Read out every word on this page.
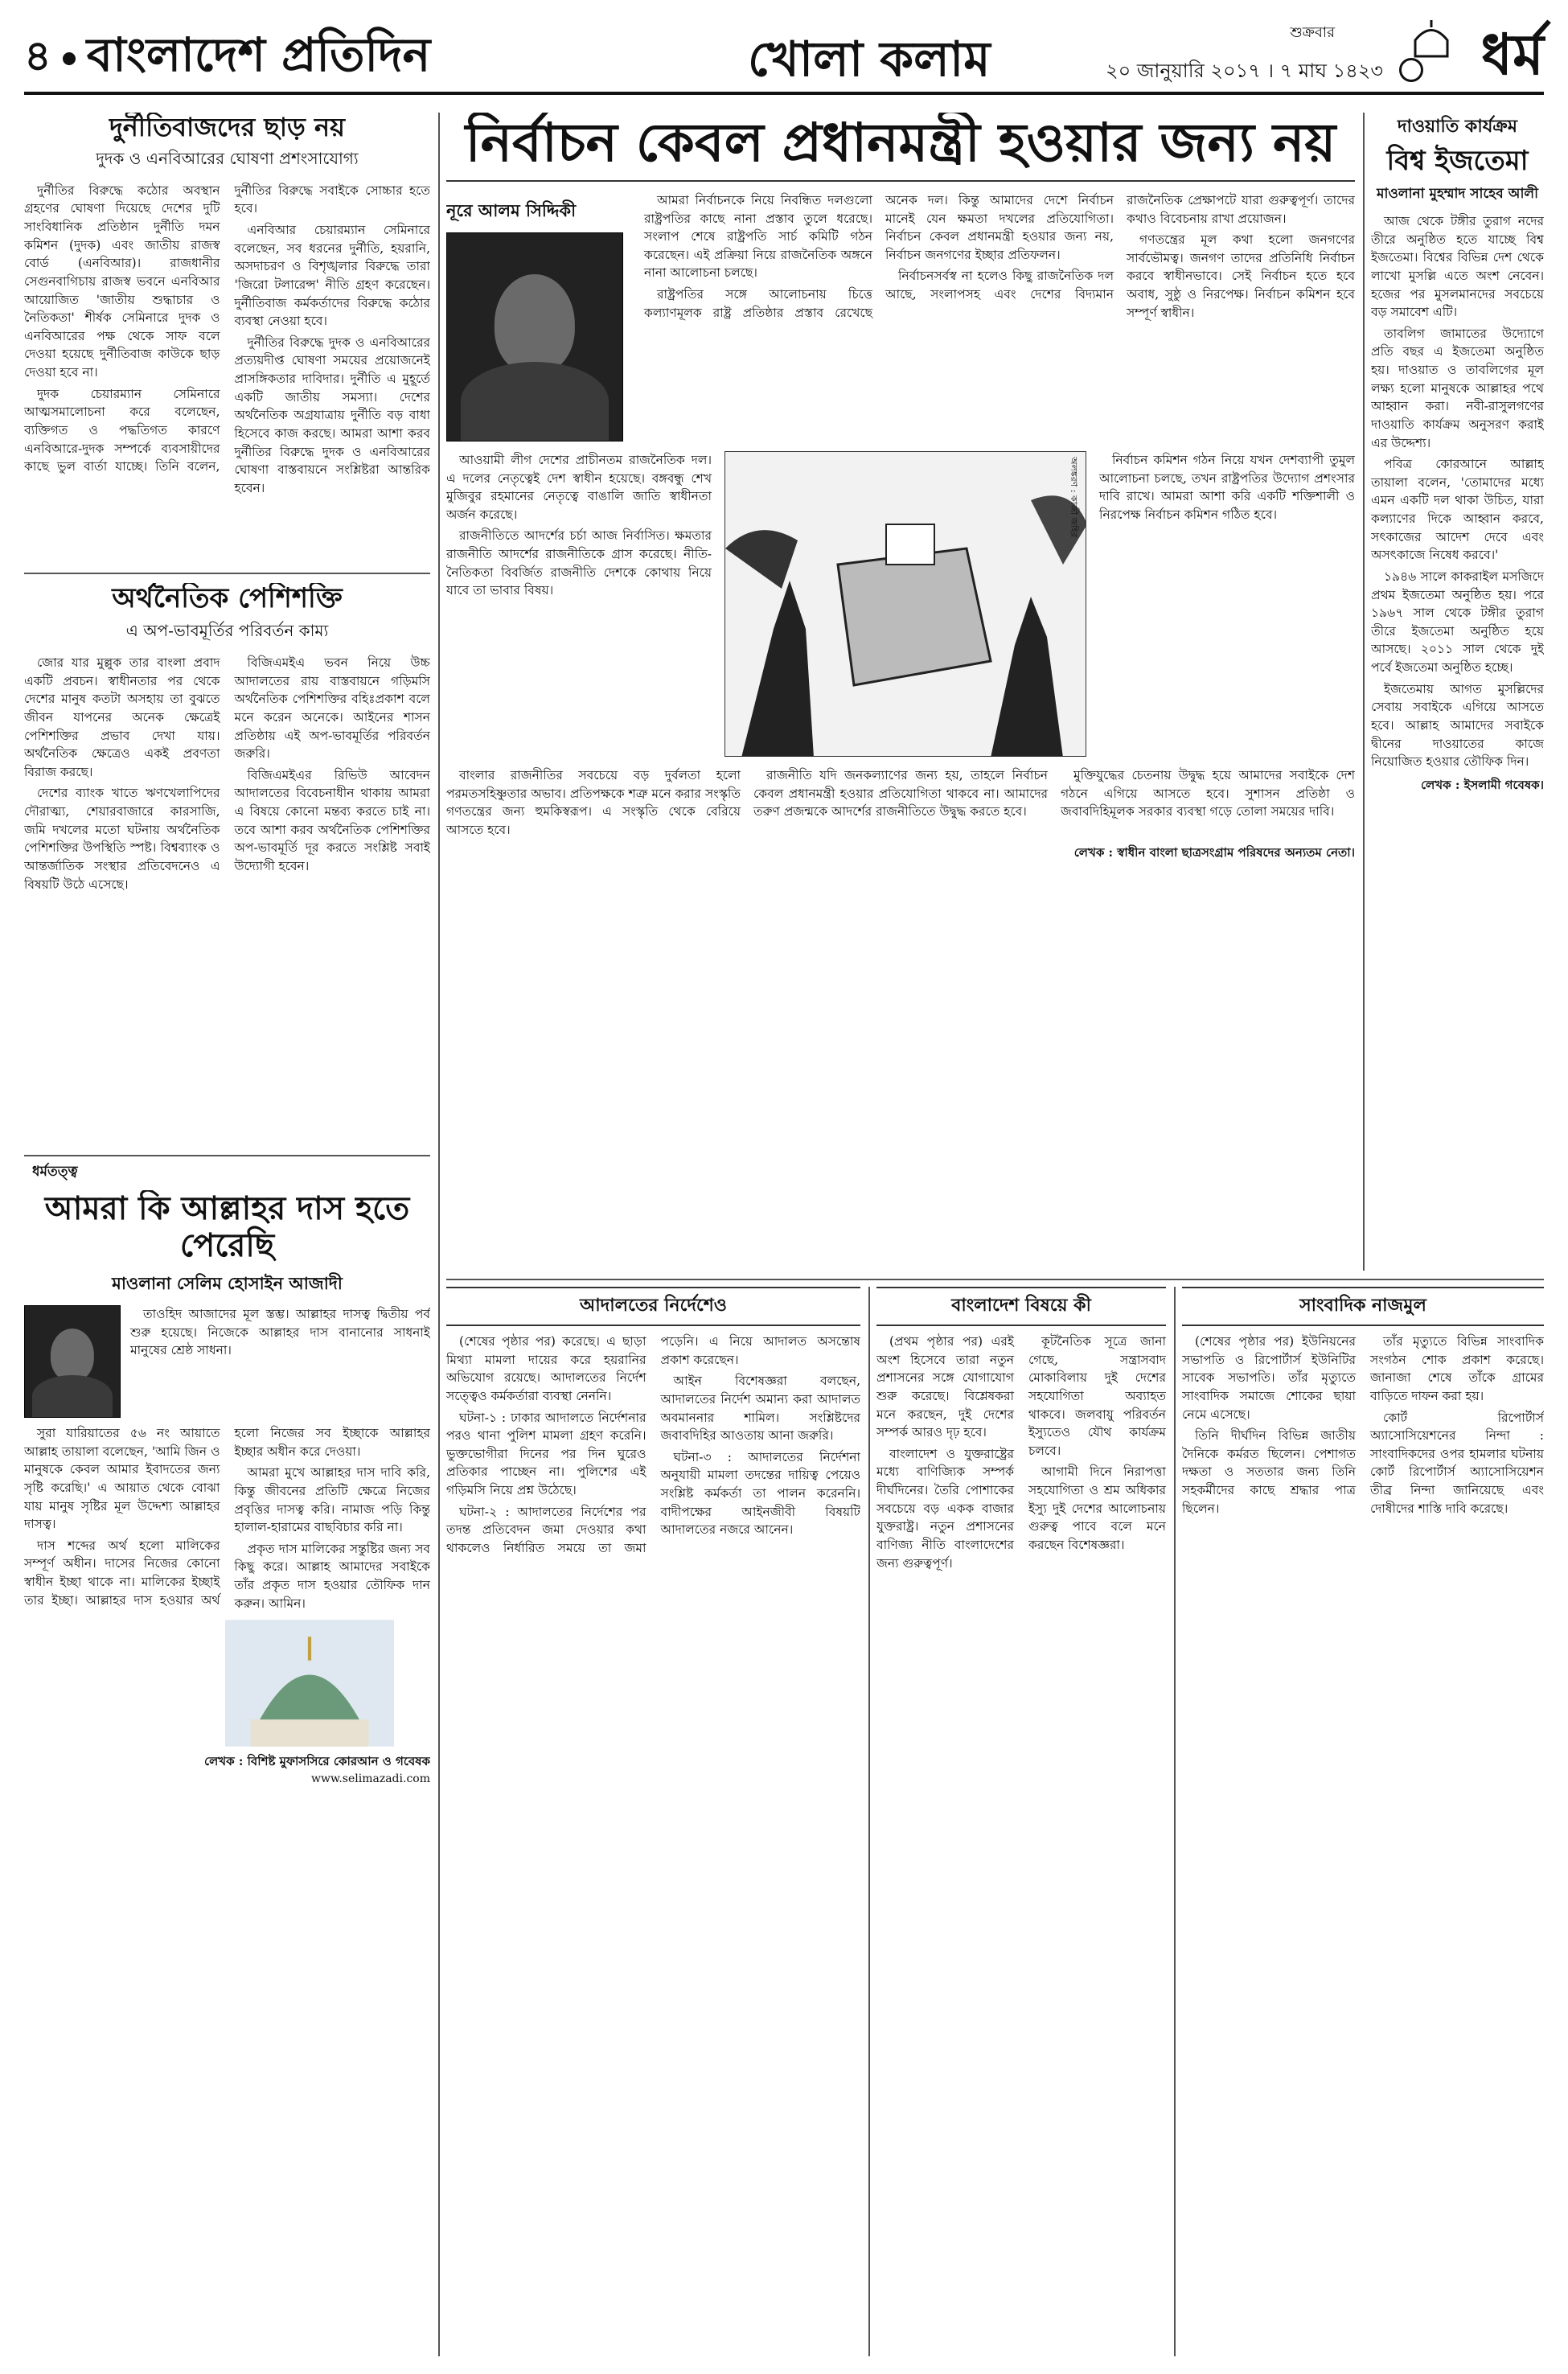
৪ বাংলাদেশ প্রতিদিন	খোলা কলাম	শুক্রবার
২০ জানুয়ারি ২০১৭ । ৭ মাঘ ১৪২৩ ধর্ম
দুর্নীতিবাজদের ছাড় নয়
দুদক ও এনবিআরের ঘোষণা প্রশংসাযোগ্য

দুর্নীতির বিরুদ্ধে কঠোর অবস্থান গ্রহণের ঘোষণা দিয়েছে দেশের দুটি সাংবিধানিক প্রতিষ্ঠান দুর্নীতি দমন কমিশন (দুদক) এবং জাতীয় রাজস্ব বোর্ড (এনবিআর)। রাজধানীর সেগুনবাগিচায় রাজস্ব ভবনে এনবিআর আয়োজিত 'জাতীয় শুদ্ধাচার ও নৈতিকতা' শীর্ষক সেমিনারে দুদক ও এনবিআরের পক্ষ থেকে সাফ বলে দেওয়া হয়েছে দুর্নীতিবাজ কাউকে ছাড় দেওয়া হবে না।

দুদক চেয়ারম্যান সেমিনারে আত্মসমালোচনা করে বলেছেন, ব্যক্তিগত ও পদ্ধতিগত কারণে এনবিআরে-দুদক সম্পর্কে ব্যবসায়ীদের কাছে ভুল বার্তা যাচ্ছে। তিনি বলেন, দুর্নীতির বিরুদ্ধে সবাইকে সোচ্চার হতে হবে।

এনবিআর চেয়ারম্যান সেমিনারে বলেছেন, সব ধরনের দুর্নীতি, হয়রানি, অসদাচরণ ও বিশৃঙ্খলার বিরুদ্ধে তারা 'জিরো টলারেন্স' নীতি গ্রহণ করেছেন। দুর্নীতিবাজ কর্মকর্তাদের বিরুদ্ধে কঠোর ব্যবস্থা নেওয়া হবে।

দুর্নীতির বিরুদ্ধে দুদক ও এনবিআরের প্রত্যয়দীপ্ত ঘোষণা সময়ের প্রয়োজনেই প্রাসঙ্গিকতার দাবিদার। দুর্নীতি এ মুহূর্তে একটি জাতীয় সমস্যা। দেশের অর্থনৈতিক অগ্রযাত্রায় দুর্নীতি বড় বাধা হিসেবে কাজ করছে। আমরা আশা করব দুর্নীতির বিরুদ্ধে দুদক ও এনবিআরের ঘোষণা বাস্তবায়নে সংশ্লিষ্টরা আন্তরিক হবেন।

অর্থনৈতিক পেশিশক্তি
এ অপ-ভাবমূর্তির পরিবর্তন কাম্য

জোর যার মুল্লুক তার বাংলা প্রবাদ একটি প্রবচন। স্বাধীনতার পর থেকে দেশের মানুষ কতটা অসহায় তা বুঝতে জীবন যাপনের অনেক ক্ষেত্রেই পেশিশক্তির প্রভাব দেখা যায়। অর্থনৈতিক ক্ষেত্রেও একই প্রবণতা বিরাজ করছে।

দেশের ব্যাংক খাতে ঋণখেলাপিদের দৌরাত্ম্য, শেয়ারবাজারে কারসাজি, জমি দখলের মতো ঘটনায় অর্থনৈতিক পেশিশক্তির উপস্থিতি স্পষ্ট। বিশ্বব্যাংক ও আন্তর্জাতিক সংস্থার প্রতিবেদনেও এ বিষয়টি উঠে এসেছে।

বিজিএমইএ ভবন নিয়ে উচ্চ আদালতের রায় বাস্তবায়নে গড়িমসি অর্থনৈতিক পেশিশক্তির বহিঃপ্রকাশ বলে মনে করেন অনেকে। আইনের শাসন প্রতিষ্ঠায় এই অপ-ভাবমূর্তির পরিবর্তন জরুরি।

বিজিএমইএর রিভিউ আবেদন আদালতের বিবেচনাধীন থাকায় আমরা এ বিষয়ে কোনো মন্তব্য করতে চাই না। তবে আশা করব অর্থনৈতিক পেশিশক্তির অপ-ভাবমূর্তি দূর করতে সংশ্লিষ্ট সবাই উদ্যোগী হবেন।

ধর্মতত্ত্ব
আমরা কি আল্লাহর দাস হতে পেরেছি
মাওলানা সেলিম হোসাইন আজাদী

তাওহিদ আজাদের মূল স্তম্ভ। আল্লাহর দাসত্ব দ্বিতীয় পর্ব শুরু হয়েছে। নিজেকে আল্লাহর দাস বানানোর সাধনাই মানুষের শ্রেষ্ঠ সাধনা।

সুরা যারিয়াতের ৫৬ নং আয়াতে আল্লাহ তায়ালা বলেছেন, 'আমি জিন ও মানুষকে কেবল আমার ইবাদতের জন্য সৃষ্টি করেছি।' এ আয়াত থেকে বোঝা যায় মানুষ সৃষ্টির মূল উদ্দেশ্য আল্লাহর দাসত্ব।

দাস শব্দের অর্থ হলো মালিকের সম্পূর্ণ অধীন। দাসের নিজের কোনো স্বাধীন ইচ্ছা থাকে না। মালিকের ইচ্ছাই তার ইচ্ছা। আল্লাহর দাস হওয়ার অর্থ হলো নিজের সব ইচ্ছাকে আল্লাহর ইচ্ছার অধীন করে দেওয়া।

আমরা মুখে আল্লাহর দাস দাবি করি, কিন্তু জীবনের প্রতিটি ক্ষেত্রে নিজের প্রবৃত্তির দাসত্ব করি। নামাজ পড়ি কিন্তু হালাল-হারামের বাছবিচার করি না।

প্রকৃত দাস মালিকের সন্তুষ্টির জন্য সব কিছু করে। আল্লাহ আমাদের সবাইকে তাঁর প্রকৃত দাস হওয়ার তৌফিক দান করুন। আমিন।

লেখক : বিশিষ্ট মুফাসসিরে কোরআন ও গবেষক
www.selimazadi.com
নির্বাচন কেবল প্রধানমন্ত্রী হওয়ার জন্য নয়
নূরে আলম সিদ্দিকী	আমরা নির্বাচনকে নিয়ে নিবন্ধিত দলগুলো রাষ্ট্রপতির কাছে নানা প্রস্তাব তুলে ধরেছে। সংলাপ শেষে রাষ্ট্রপতি সার্চ কমিটি গঠন করেছেন। এই প্রক্রিয়া নিয়ে রাজনৈতিক অঙ্গনে নানা আলোচনা চলছে।

রাষ্ট্রপতির সঙ্গে আলোচনায় চিত্তে কল্যাণমূলক রাষ্ট্র প্রতিষ্ঠার প্রস্তাব রেখেছে অনেক দল। কিন্তু আমাদের দেশে নির্বাচন মানেই যেন ক্ষমতা দখলের প্রতিযোগিতা। নির্বাচন কেবল প্রধানমন্ত্রী হওয়ার জন্য নয়, নির্বাচন জনগণের ইচ্ছার প্রতিফলন।

নির্বাচনসর্বস্ব না হলেও কিছু রাজনৈতিক দল আছে, সংলাপসহ এবং দেশের বিদ্যমান রাজনৈতিক প্রেক্ষাপটে যারা গুরুত্বপূর্ণ। তাদের কথাও বিবেচনায় রাখা প্রয়োজন।

গণতন্ত্রের মূল কথা হলো জনগণের সার্বভৌমত্ব। জনগণ তাদের প্রতিনিধি নির্বাচন করবে স্বাধীনভাবে। সেই নির্বাচন হতে হবে অবাধ, সুষ্ঠু ও নিরপেক্ষ। নির্বাচন কমিশন হবে সম্পূর্ণ স্বাধীন।

আওয়ামী লীগ দেশের প্রাচীনতম রাজনৈতিক দল। এ দলের নেতৃত্বেই দেশ স্বাধীন হয়েছে। বঙ্গবন্ধু শেখ মুজিবুর রহমানের নেতৃত্বে বাঙালি জাতি স্বাধীনতা অর্জন করেছে।

রাজনীতিতে আদর্শের চর্চা আজ নির্বাসিত। ক্ষমতার রাজনীতি আদর্শের রাজনীতিকে গ্রাস করেছে। নীতি-নৈতিকতা বিবর্জিত রাজনীতি দেশকে কোথায় নিয়ে যাবে তা ভাবার বিষয়।

অলঙ্করণ : কাজী জহির	নির্বাচন কমিশন গঠন নিয়ে যখন দেশব্যাপী তুমুল আলোচনা চলছে, তখন রাষ্ট্রপতির উদ্যোগ প্রশংসার দাবি রাখে। আমরা আশা করি একটি শক্তিশালী ও নিরপেক্ষ নির্বাচন কমিশন গঠিত হবে।

বাংলার রাজনীতির সবচেয়ে বড় দুর্বলতা হলো পরমতসহিষ্ণুতার অভাব। প্রতিপক্ষকে শত্রু মনে করার সংস্কৃতি গণতন্ত্রের জন্য হুমকিস্বরূপ। এ সংস্কৃতি থেকে বেরিয়ে আসতে হবে।

রাজনীতি যদি জনকল্যাণের জন্য হয়, তাহলে নির্বাচন কেবল প্রধানমন্ত্রী হওয়ার প্রতিযোগিতা থাকবে না। আমাদের তরুণ প্রজন্মকে আদর্শের রাজনীতিতে উদ্বুদ্ধ করতে হবে।

মুক্তিযুদ্ধের চেতনায় উদ্বুদ্ধ হয়ে আমাদের সবাইকে দেশ গঠনে এগিয়ে আসতে হবে। সুশাসন প্রতিষ্ঠা ও জবাবদিহিমূলক সরকার ব্যবস্থা গড়ে তোলা সময়ের দাবি।

লেখক : স্বাধীন বাংলা ছাত্রসংগ্রাম পরিষদের অন্যতম নেতা।
দাওয়াতি কার্যক্রম
বিশ্ব ইজতেমা
মাওলানা মুহম্মাদ সাহেব আলী

আজ থেকে টঙ্গীর তুরাগ নদের তীরে অনুষ্ঠিত হতে যাচ্ছে বিশ্ব ইজতেমা। বিশ্বের বিভিন্ন দেশ থেকে লাখো মুসল্লি এতে অংশ নেবেন। হজের পর মুসলমানদের সবচেয়ে বড় সমাবেশ এটি।

তাবলিগ জামাতের উদ্যোগে প্রতি বছর এ ইজতেমা অনুষ্ঠিত হয়। দাওয়াত ও তাবলিগের মূল লক্ষ্য হলো মানুষকে আল্লাহর পথে আহ্বান করা। নবী-রাসুলগণের দাওয়াতি কার্যক্রম অনুসরণ করাই এর উদ্দেশ্য।

পবিত্র কোরআনে আল্লাহ তায়ালা বলেন, 'তোমাদের মধ্যে এমন একটি দল থাকা উচিত, যারা কল্যাণের দিকে আহ্বান করবে, সৎকাজের আদেশ দেবে এবং অসৎকাজে নিষেধ করবে।'

১৯৪৬ সালে কাকরাইল মসজিদে প্রথম ইজতেমা অনুষ্ঠিত হয়। পরে ১৯৬৭ সাল থেকে টঙ্গীর তুরাগ তীরে ইজতেমা অনুষ্ঠিত হয়ে আসছে। ২০১১ সাল থেকে দুই পর্বে ইজতেমা অনুষ্ঠিত হচ্ছে।

ইজতেমায় আগত মুসল্লিদের সেবায় সবাইকে এগিয়ে আসতে হবে। আল্লাহ আমাদের সবাইকে দ্বীনের দাওয়াতের কাজে নিয়োজিত হওয়ার তৌফিক দিন।

লেখক : ইসলামী গবেষক।
আদালতের নির্দেশেও

(শেষের পৃষ্ঠার পর) করেছে। এ ছাড়া মিথ্যা মামলা দায়ের করে হয়রানির অভিযোগ রয়েছে। আদালতের নির্দেশ সত্ত্বেও কর্মকর্তারা ব্যবস্থা নেননি।

ঘটনা-১ : ঢাকার আদালতে নির্দেশনার পরও থানা পুলিশ মামলা গ্রহণ করেনি। ভুক্তভোগীরা দিনের পর দিন ঘুরেও প্রতিকার পাচ্ছেন না। পুলিশের এই গড়িমসি নিয়ে প্রশ্ন উঠেছে।

ঘটনা-২ : আদালতের নির্দেশের পর তদন্ত প্রতিবেদন জমা দেওয়ার কথা থাকলেও নির্ধারিত সময়ে তা জমা পড়েনি। এ নিয়ে আদালত অসন্তোষ প্রকাশ করেছেন।

আইন বিশেষজ্ঞরা বলছেন, আদালতের নির্দেশ অমান্য করা আদালত অবমাননার শামিল। সংশ্লিষ্টদের জবাবদিহির আওতায় আনা জরুরি।

ঘটনা-৩ : আদালতের নির্দেশনা অনুযায়ী মামলা তদন্তের দায়িত্ব পেয়েও সংশ্লিষ্ট কর্মকর্তা তা পালন করেননি। বাদীপক্ষের আইনজীবী বিষয়টি আদালতের নজরে আনেন।

বাংলাদেশ বিষয়ে কী

(প্রথম পৃষ্ঠার পর) এরই অংশ হিসেবে তারা নতুন প্রশাসনের সঙ্গে যোগাযোগ শুরু করেছে। বিশ্লেষকরা মনে করছেন, দুই দেশের সম্পর্ক আরও দৃঢ় হবে।

বাংলাদেশ ও যুক্তরাষ্ট্রের মধ্যে বাণিজ্যিক সম্পর্ক দীর্ঘদিনের। তৈরি পোশাকের সবচেয়ে বড় একক বাজার যুক্তরাষ্ট্র। নতুন প্রশাসনের বাণিজ্য নীতি বাংলাদেশের জন্য গুরুত্বপূর্ণ।

কূটনৈতিক সূত্রে জানা গেছে, সন্ত্রাসবাদ মোকাবিলায় দুই দেশের সহযোগিতা অব্যাহত থাকবে। জলবায়ু পরিবর্তন ইস্যুতেও যৌথ কার্যক্রম চলবে।

আগামী দিনে নিরাপত্তা সহযোগিতা ও শ্রম অধিকার ইস্যু দুই দেশের আলোচনায় গুরুত্ব পাবে বলে মনে করছেন বিশেষজ্ঞরা।

সাংবাদিক নাজমুল

(শেষের পৃষ্ঠার পর) ইউনিয়নের সভাপতি ও রিপোর্টার্স ইউনিটির সাবেক সভাপতি। তাঁর মৃত্যুতে সাংবাদিক সমাজে শোকের ছায়া নেমে এসেছে।

তিনি দীর্ঘদিন বিভিন্ন জাতীয় দৈনিকে কর্মরত ছিলেন। পেশাগত দক্ষতা ও সততার জন্য তিনি সহকর্মীদের কাছে শ্রদ্ধার পাত্র ছিলেন।

তাঁর মৃত্যুতে বিভিন্ন সাংবাদিক সংগঠন শোক প্রকাশ করেছে। জানাজা শেষে তাঁকে গ্রামের বাড়িতে দাফন করা হয়।

কোর্ট রিপোর্টার্স অ্যাসোসিয়েশনের নিন্দা : সাংবাদিকদের ওপর হামলার ঘটনায় কোর্ট রিপোর্টার্স অ্যাসোসিয়েশন তীব্র নিন্দা জানিয়েছে এবং দোষীদের শাস্তি দাবি করেছে।
